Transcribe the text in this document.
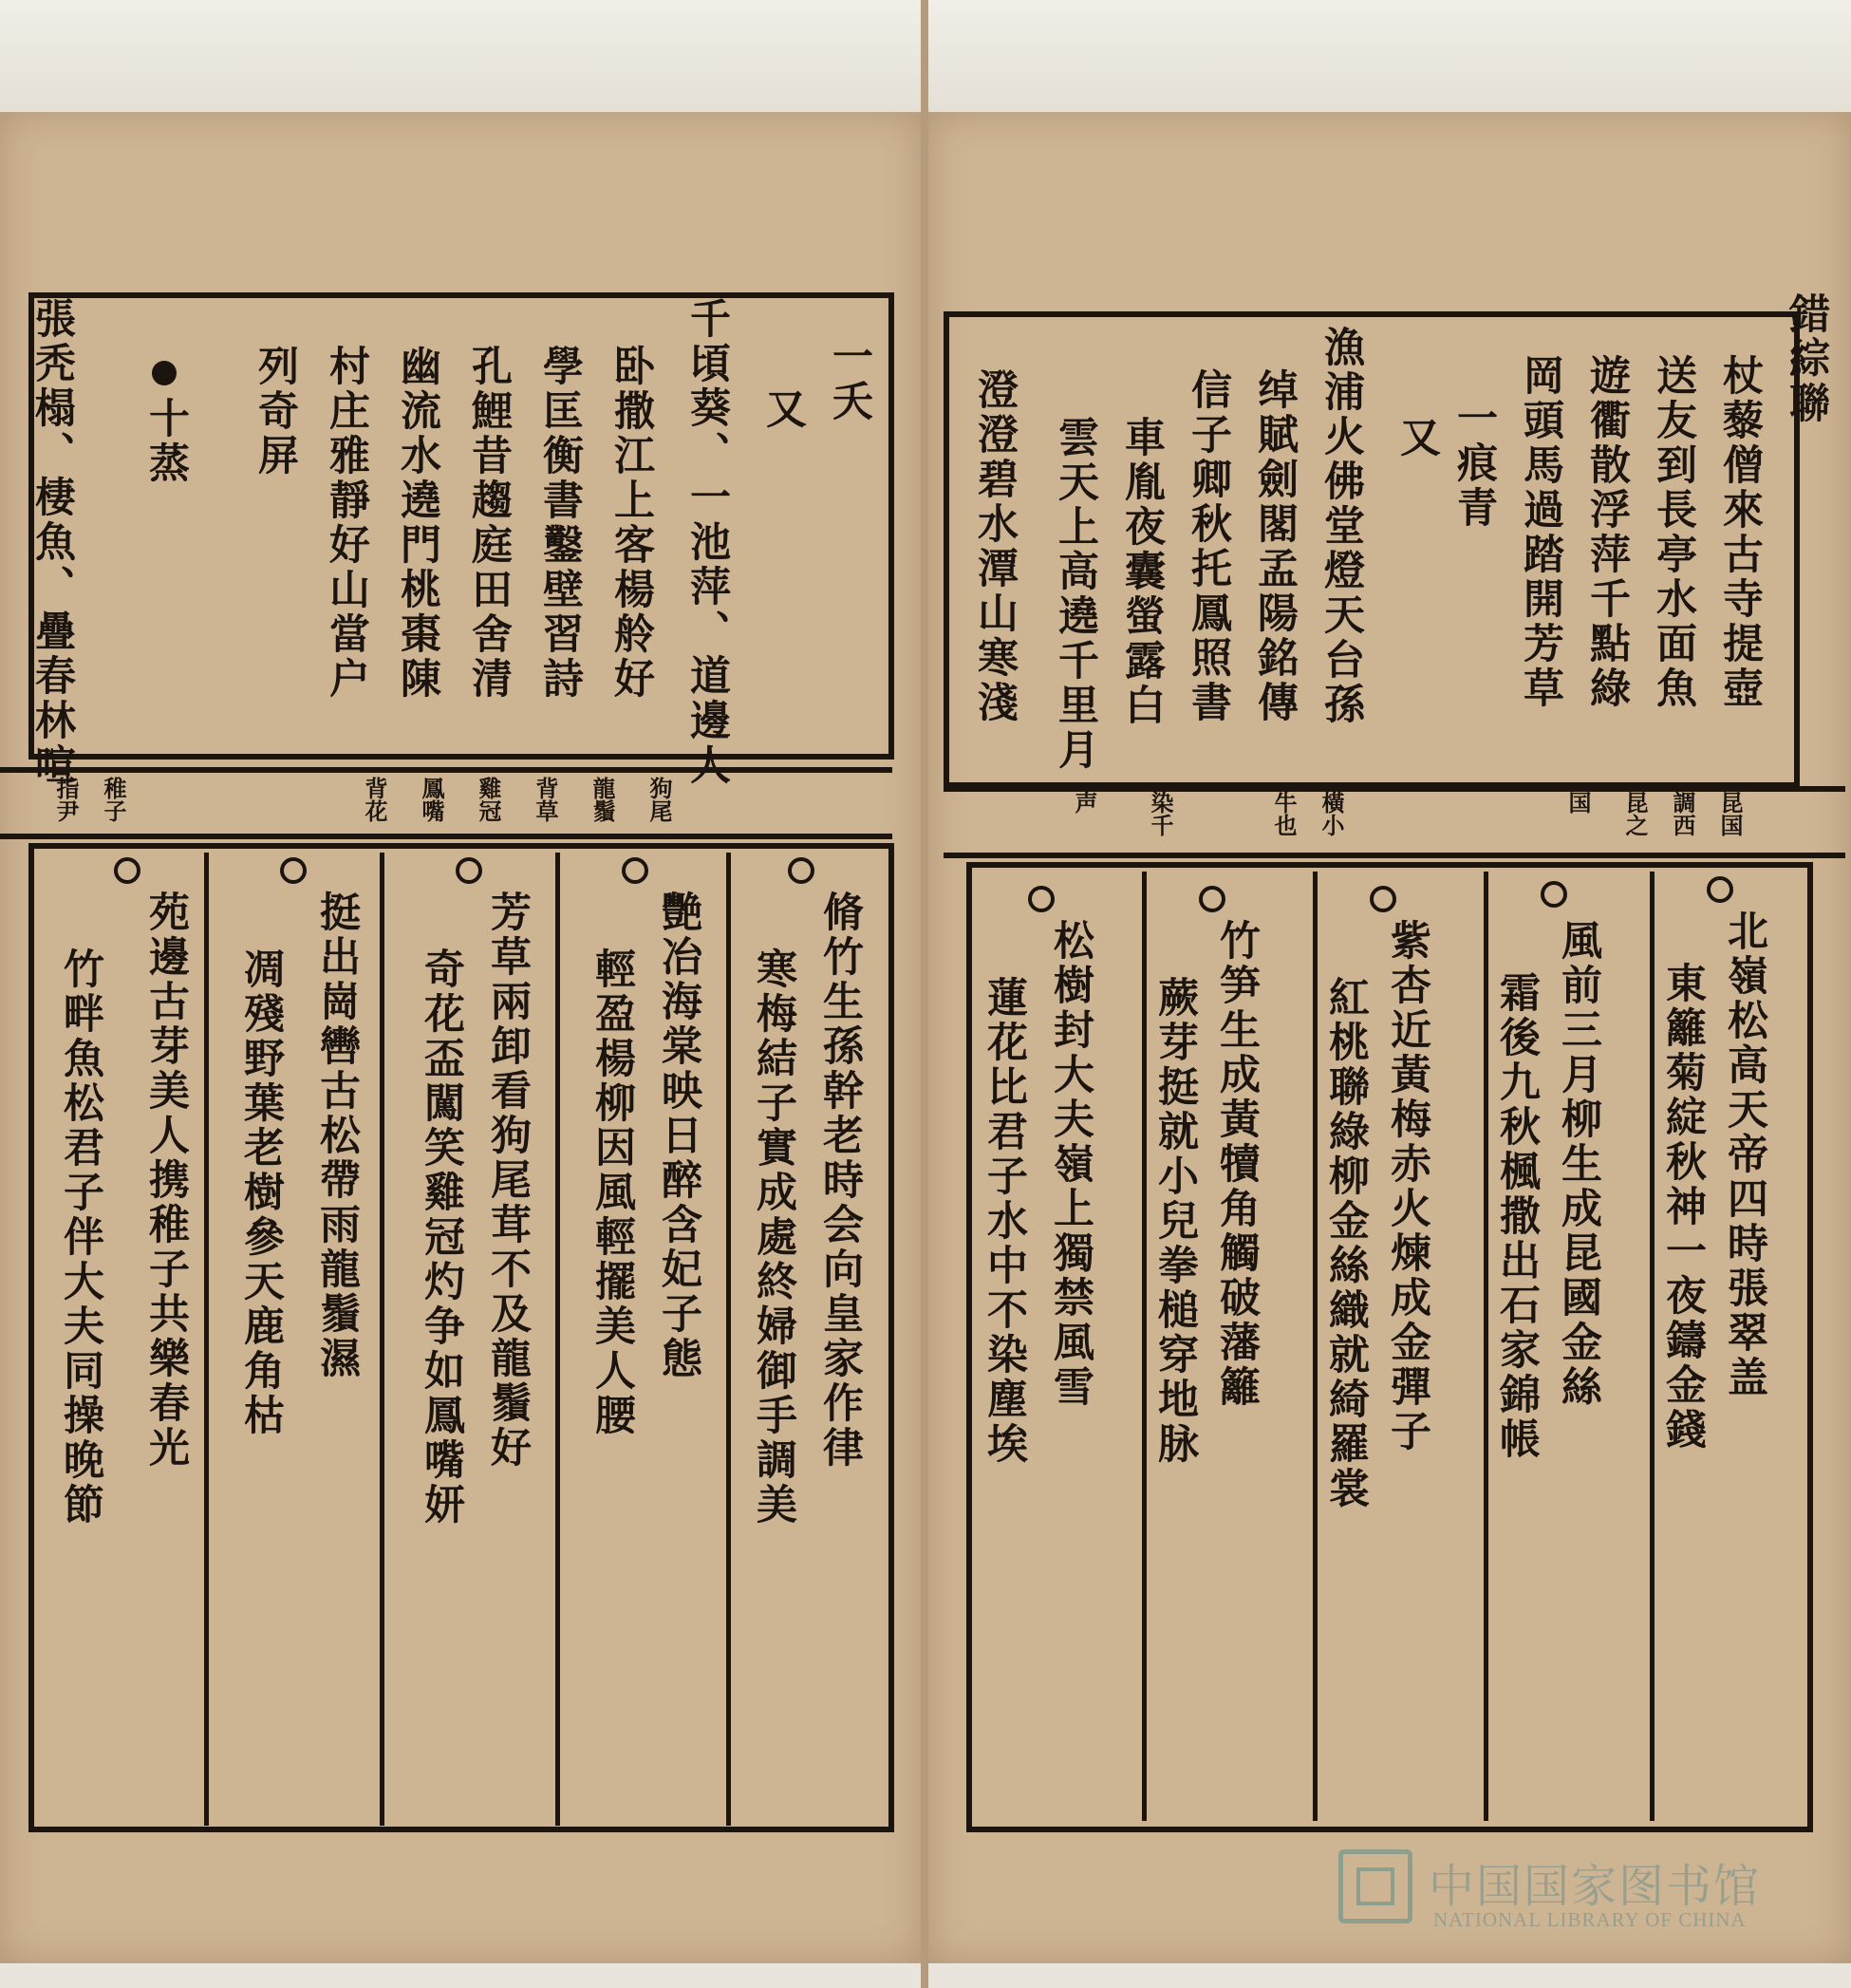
一夭
又
千頃葵、一池萍、道邊人
卧撒江上客楊舲好
學匡衡書鑿壁習詩
孔鯉昔趨庭田舍清
幽流水遶門桃棗陳
村庄雅靜好山當户
列奇屏
十蒸
張秃榻、棲魚、疊春林喧
狗尾
龍鬚
背草
雞冠
鳳嘴
背花
稚子
指尹
脩竹生孫幹老時会向皇家作律
寒梅結子實成處終婦御手調美
艷冶海棠映日醉含妃子態
輕盈楊柳因風輕擺美人腰
芳草兩卸看狗尾茸不及龍鬚好
奇花盃闖笑雞冠灼争如鳳嘴妍
挺出崗轡古松帶雨龍鬚濕
凋殘野葉老樹參天鹿角枯
苑邊古芽美人携稚子共樂春光
竹畔魚松君子伴大夫同操晚節
錯綜聯
杖藜僧來古寺提壺
送友到長亭水面魚
遊衢散浮萍千點綠
岡頭馬過踏開芳草
一痕青
又
漁浦火佛堂燈天台孫
绰賦劍閣孟陽銘傳
信子卿秋托鳳照書
車胤夜囊螢露白
雲天上高遶千里月
澄澄碧水潭山寒淺
昆国
調西
昆之
国
橫小
牛也
染千
声
北嶺松高天帝四時張翠盖
東籬菊綻秋神一夜鑄金錢
風前三月柳生成昆國金絲
霜後九秋楓撒出石家錦帳
紫杏近黃梅赤火煉成金彈子
紅桃聯綠柳金絲織就綺羅裳
竹笋生成黃犢角觸破藩籬
蕨芽挺就小兒拳槌穿地脉
松樹封大夫嶺上獨禁風雪
蓮花比君子水中不染塵埃
中国国家图书馆
NATIONAL LIBRARY OF CHINA
